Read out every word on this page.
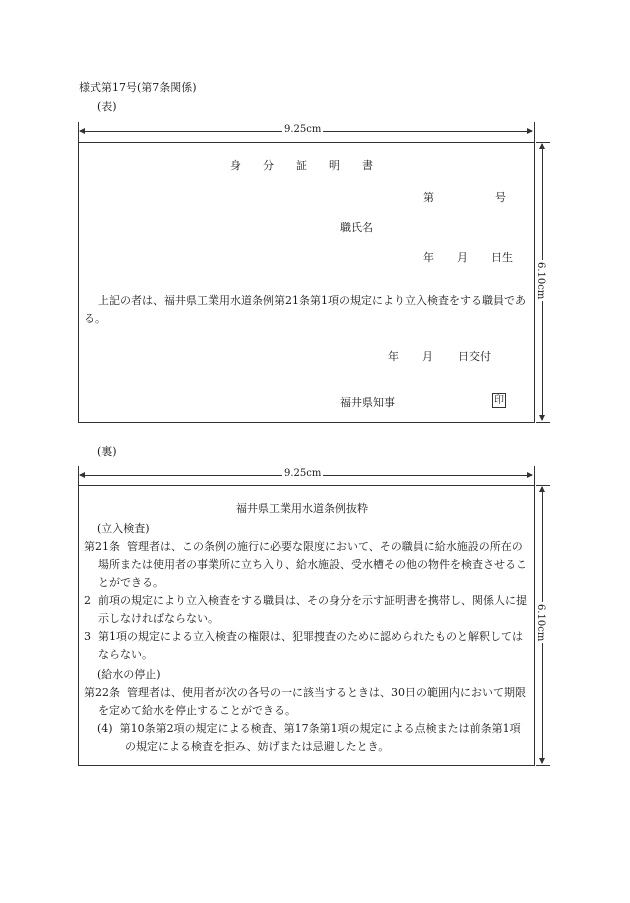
様式第17号(第7条関係)
(表)
9.25cm
6.10cm
身　　分　　証　　明　　書
第	号
職氏名
年 月 日生
上記の者は、福井県工業用水道条例第21条第1項の規定により立入検査をする職員である。
年 月 日交付
福井県知事	印
(裏)
9.25cm
6.10cm
福井県工業用水道条例抜粋
(立入検査)
第21条 管理者は、この条例の施行に必要な限度において、その職員に給水施設の所在の場所または使用者の事業所に立ち入り、給水施設、受水槽その他の物件を検査させることができる。
2 前項の規定により立入検査をする職員は、その身分を示す証明書を携帯し、関係人に提示しなければならない。
3 第1項の規定による立入検査の権限は、犯罪捜査のために認められたものと解釈してはならない。
(給水の停止)
第22条 管理者は、使用者が次の各号の一に該当するときは、30日の範囲内において期限を定めて給水を停止することができる。
(4) 第10条第2項の規定による検査、第17条第1項の規定による点検または前条第1項の規定による検査を拒み、妨げまたは忌避したとき。
